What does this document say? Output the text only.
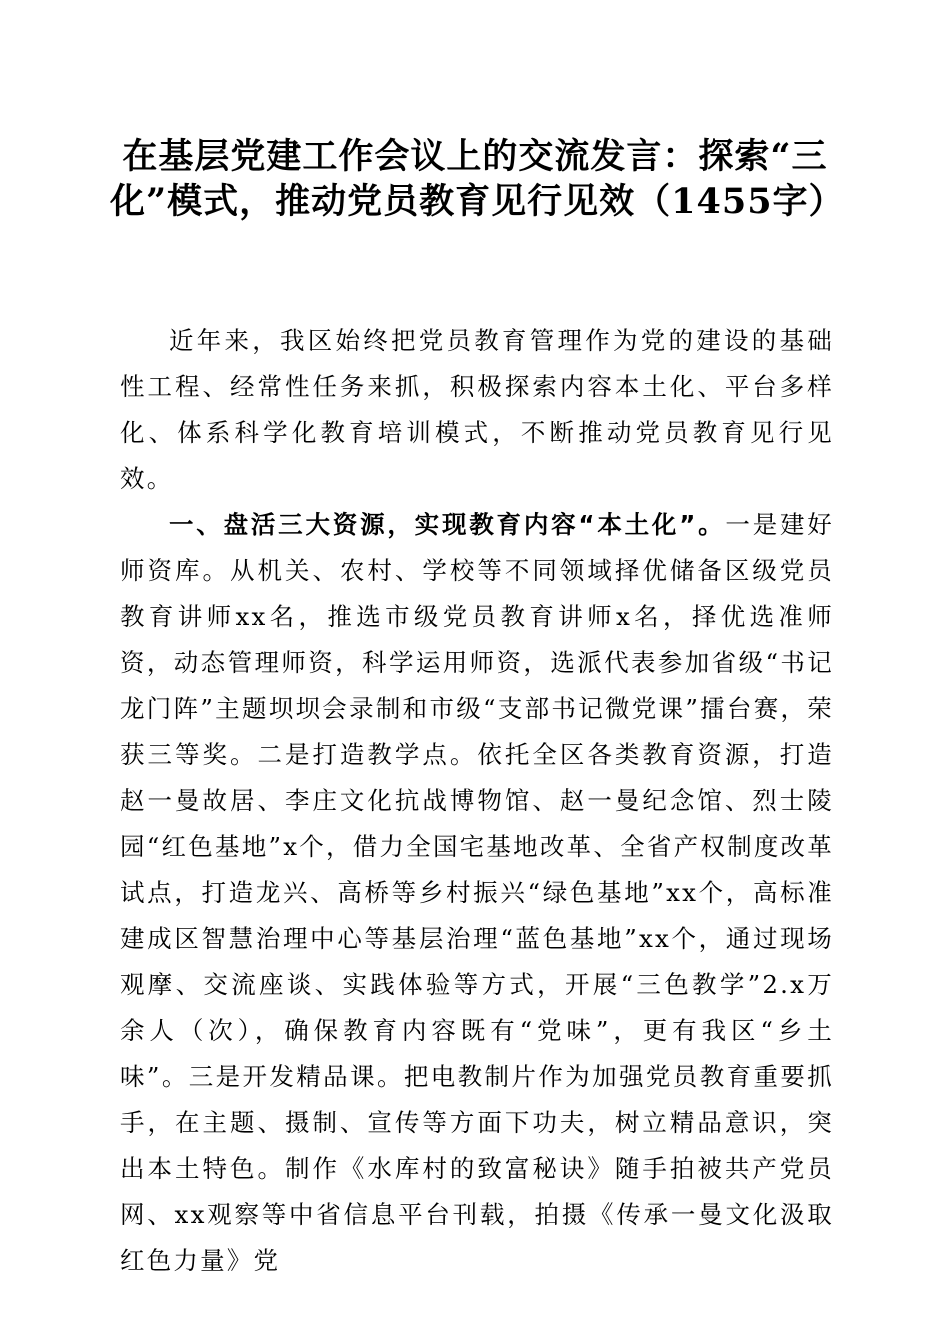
在基层党建工作会议上的交流发言：探索“三化”模式，推动党员教育见行见效（1455字）

近年来，我区始终把党员教育管理作为党的建设的基础性工程、经常性任务来抓，积极探索内容本土化、平台多样化、体系科学化教育培训模式，不断推动党员教育见行见效。

一、盘活三大资源，实现教育内容“本土化”。一是建好师资库。从机关、农村、学校等不同领域择优储备区级党员教育讲师xx名，推选市级党员教育讲师x名，择优选准师资，动态管理师资，科学运用师资，选派代表参加省级“书记龙门阵”主题坝坝会录制和市级“支部书记微党课”擂台赛，荣获三等奖。二是打造教学点。依托全区各类教育资源，打造赵一曼故居、李庄文化抗战博物馆、赵一曼纪念馆、烈士陵园“红色基地”x个，借力全国宅基地改革、全省产权制度改革试点，打造龙兴、高桥等乡村振兴“绿色基地”xx个，高标准建成区智慧治理中心等基层治理“蓝色基地”xx个，通过现场观摩、交流座谈、实践体验等方式，开展“三色教学”2.x万余人（次），确保教育内容既有“党味”，更有我区“乡土味”。三是开发精品课。把电教制片作为加强党员教育重要抓手，在主题、摄制、宣传等方面下功夫，树立精品意识，突出本土特色。制作《水库村的致富秘诀》随手拍被共产党员网、xx观察等中省信息平台刊载，拍摄《传承一曼文化汲取红色力量》党
